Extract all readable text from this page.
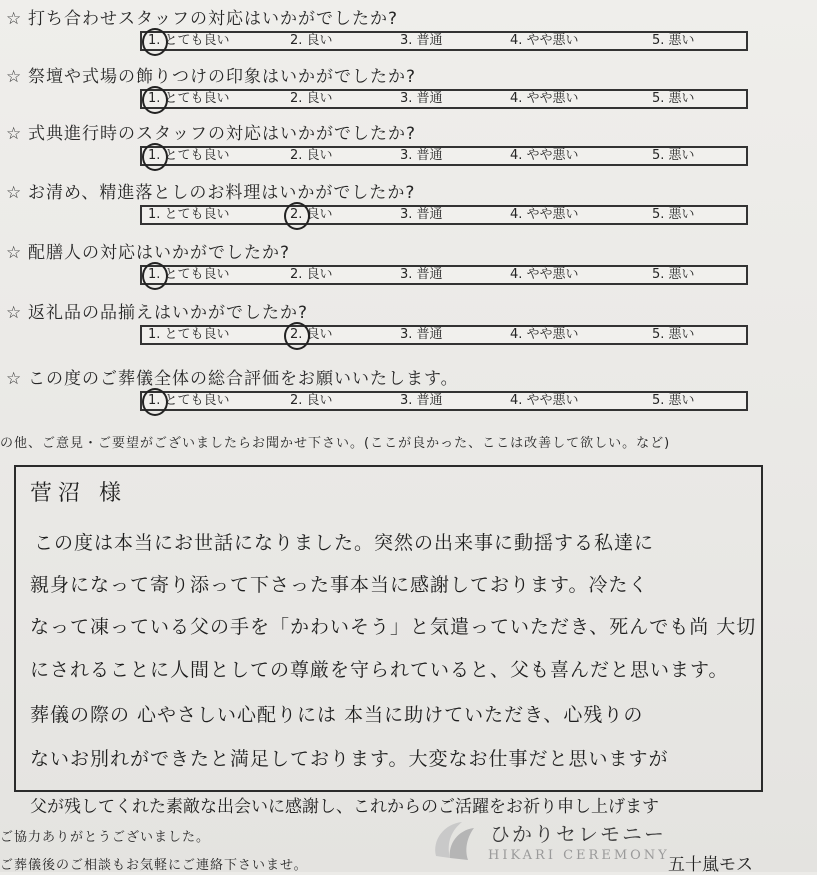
☆ 打ち合わせスタッフの対応はいかがでしたか?
1. とても良い	2. 良い	3. 普通	4. やや悪い	5. 悪い
☆ 祭壇や式場の飾りつけの印象はいかがでしたか?
1. とても良い	2. 良い	3. 普通	4. やや悪い	5. 悪い
☆ 式典進行時のスタッフの対応はいかがでしたか?
1. とても良い	2. 良い	3. 普通	4. やや悪い	5. 悪い
☆ お清め、精進落としのお料理はいかがでしたか?
1. とても良い	2. 良い	3. 普通	4. やや悪い	5. 悪い
☆ 配膳人の対応はいかがでしたか?
1. とても良い	2. 良い	3. 普通	4. やや悪い	5. 悪い
☆ 返礼品の品揃えはいかがでしたか?
1. とても良い	2. 良い	3. 普通	4. やや悪い	5. 悪い
☆ この度のご葬儀全体の総合評価をお願いいたします。
1. とても良い	2. 良い	3. 普通	4. やや悪い	5. 悪い
の他、ご意見・ご要望がございましたらお聞かせ下さい。(ここが良かった、ここは改善して欲しい。など)
菅沼 様
この度は本当にお世話になりました。突然の出来事に動揺する私達に
親身になって寄り添って下さった事本当に感謝しております。冷たく
なって凍っている父の手を「かわいそう」と気遣っていただき、死んでも尚 大切
にされることに人間としての尊厳を守られていると、父も喜んだと思います。
葬儀の際の 心やさしい心配りには 本当に助けていただき、心残りの
ないお別れができたと満足しております。大変なお仕事だと思いますが
父が残してくれた素敵な出会いに感謝し、これからのご活躍をお祈り申し上げます
ご協力ありがとうございました。
ご葬儀後のご相談もお気軽にご連絡下さいませ。
ひかりセレモニー
HIKARI CEREMONY
五十嵐モス
